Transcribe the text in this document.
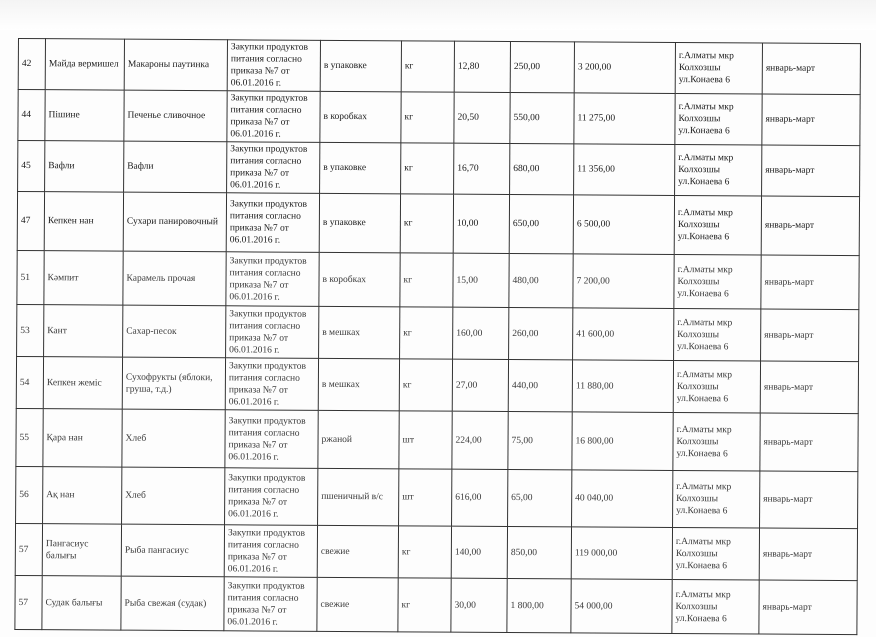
42	Майда вермишел	Макароны паутинка	Закупки продуктов питания согласно приказа №7 от 06.01.2016 г.	в упаковке	кг	12,80	250,00	3 200,00	г.Алматы мкр Колхозшы ул.Конаева 6	январь-март
44	Пішине	Печенье сливочное	Закупки продуктов питания согласно приказа №7 от 06.01.2016 г.	в коробках	кг	20,50	550,00	11 275,00	г.Алматы мкр Колхозшы ул.Конаева 6	январь-март
45	Вафли	Вафли	Закупки продуктов питания согласно приказа №7 от 06.01.2016 г.	в упаковке	кг	16,70	680,00	11 356,00	г.Алматы мкр Колхозшы ул.Конаева 6	январь-март
47	Кепкен нан	Сухари панировочный	Закупки продуктов питания согласно приказа №7 от 06.01.2016 г.	в упаковке	кг	10,00	650,00	6 500,00	г.Алматы мкр Колхозшы ул.Конаева 6	январь-март
51	Кәмпит	Карамель прочая	Закупки продуктов питания согласно приказа №7 от 06.01.2016 г.	в коробках	кг	15,00	480,00	7 200,00	г.Алматы мкр Колхозшы ул.Конаева 6	январь-март
53	Кант	Сахар-песок	Закупки продуктов питания согласно приказа №7 от 06.01.2016 г.	в мешках	кг	160,00	260,00	41 600,00	г.Алматы мкр Колхозшы ул.Конаева 6	январь-март
54	Кепкен жеміс	Сухофрукты (яблоки, груша, т.д.)	Закупки продуктов питания согласно приказа №7 от 06.01.2016 г.	в мешках	кг	27,00	440,00	11 880,00	г.Алматы мкр Колхозшы ул.Конаева 6	январь-март
55	Қара нан	Хлеб	Закупки продуктов питания согласно приказа №7 от 06.01.2016 г.	ржаной	шт	224,00	75,00	16 800,00	г.Алматы мкр Колхозшы ул.Конаева 6	январь-март
56	Ақ нан	Хлеб	Закупки продуктов питания согласно приказа №7 от 06.01.2016 г.	пшеничный в/с	шт	616,00	65,00	40 040,00	г.Алматы мкр Колхозшы ул.Конаева 6	январь-март
57	Пангасиус балығы	Рыба пангасиус	Закупки продуктов питания согласно приказа №7 от 06.01.2016 г.	свежие	кг	140,00	850,00	119 000,00	г.Алматы мкр Колхозшы ул.Конаева 6	январь-март
57	Судак балығы	Рыба свежая (судак)	Закупки продуктов питания согласно приказа №7 от 06.01.2016 г.	свежие	кг	30,00	1 800,00	54 000,00	г.Алматы мкр Колхозшы ул.Конаева 6	январь-март
